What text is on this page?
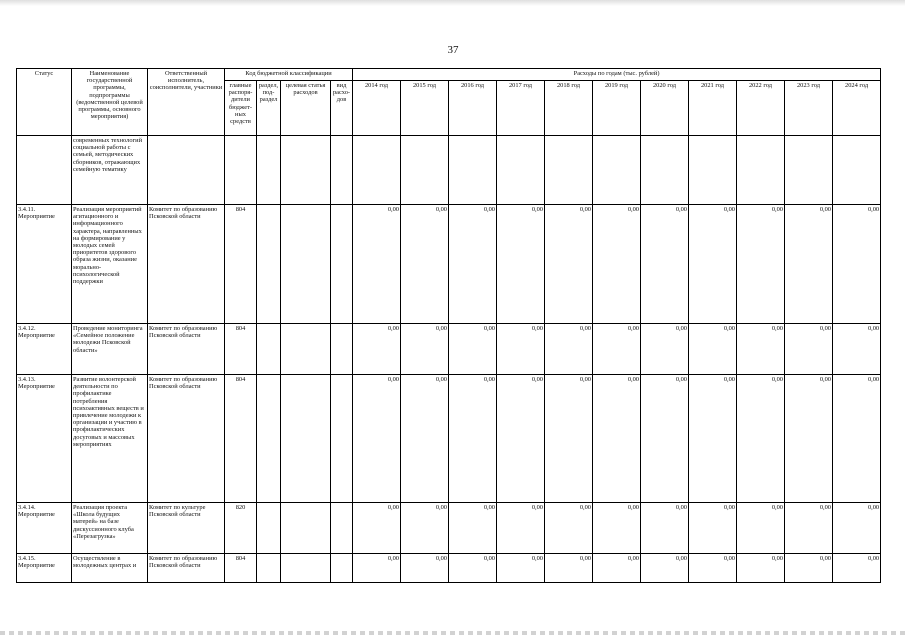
37
Статус	Наименование государственной программы, подпрограммы (ведомственной целевой программы, основного мероприятия)	Ответственный исполнитель, соисполнители, участники	Код бюджетной классификации				Расходы по годам (тыс. рублей)										
			главные распоря-дители бюджет-ных средств	раздел, под-раздел	целевая статья расходов	вид расхо-дов	2014 год	2015 год	2016 год	2017 год	2018 год	2019 год	2020 год	2021 год	2022 год	2023 год	2024 год
	современных технологий социальной работы с семьей, методических сборников, отражающих семейную тематику																
3.4.11. Мероприятие	Реализация мероприятий агитационного и информационного характера, направленных на формирование у молодых семей приоритетов здорового образа жизни, оказание морально-психологической поддержки	Комитет по образованию Псковской области	804				0,00	0,00	0,00	0,00	0,00	0,00	0,00	0,00	0,00	0,00	0,00
3.4.12. Мероприятие	Проведение мониторинга «Семейное положение молодежи Псковской области»	Комитет по образованию Псковской области	804				0,00	0,00	0,00	0,00	0,00	0,00	0,00	0,00	0,00	0,00	0,00
3.4.13. Мероприятие	Развитие волонтерской деятельности по профилактике потребления психоактивных веществ и привлечение молодежи к организации и участию в профилактических досуговых и массовых мероприятиях	Комитет по образованию Псковской области	804				0,00	0,00	0,00	0,00	0,00	0,00	0,00	0,00	0,00	0,00	0,00
3.4.14. Мероприятие	Реализация проекта «Школа будущих матерей» на базе дискуссионного клуба «Перезагрузка»	Комитет по культуре Псковской области	820				0,00	0,00	0,00	0,00	0,00	0,00	0,00	0,00	0,00	0,00	0,00
3.4.15. Мероприятие	Осуществление в молодежных центрах и	Комитет по образованию Псковской области	804				0,00	0,00	0,00	0,00	0,00	0,00	0,00	0,00	0,00	0,00	0,00
